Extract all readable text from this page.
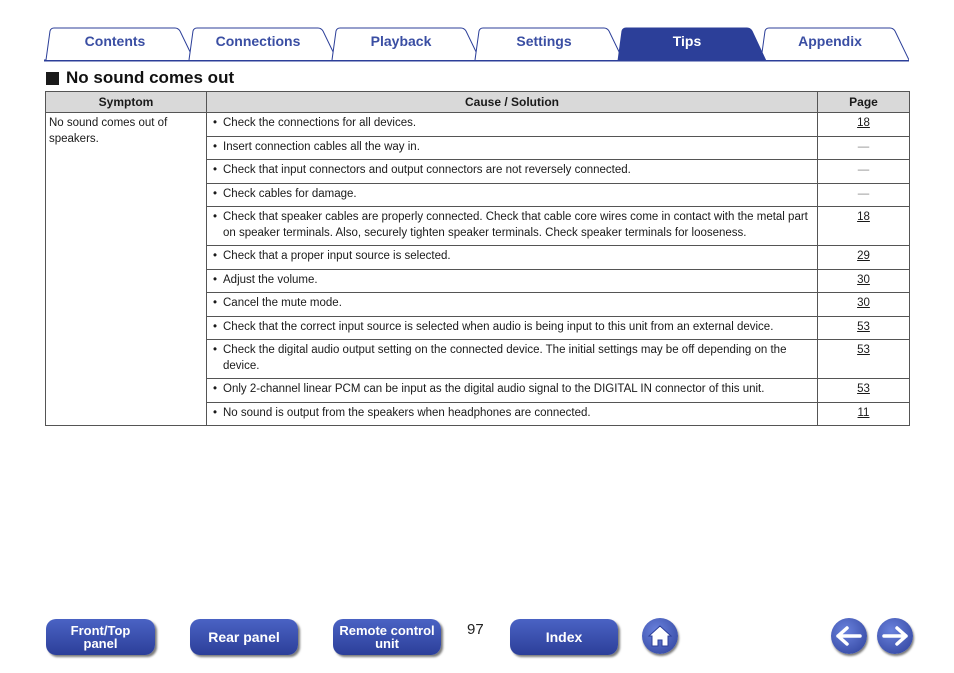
Contents	Connections	Playback	Settings	Tips	Appendix
No sound comes out
Symptom	Cause / Solution	Page
No sound comes out of speakers.	• Check the connections for all devices.	18

	• Insert connection cables all the way in.	—

	• Check that input connectors and output connectors are not reversely connected.	—

	• Check cables for damage.	—

	• Check that speaker cables are properly connected. Check that cable core wires come in contact with the metal part on speaker terminals. Also, securely tighten speaker terminals. Check speaker terminals for looseness.	18

	• Check that a proper input source is selected.	29

	• Adjust the volume.	30

	• Cancel the mute mode.	30

	• Check that the correct input source is selected when audio is being input to this unit from an external device.	53

	• Check the digital audio output setting on the connected device. The initial settings may be off depending on the device.	53

	• Only 2-channel linear PCM can be input as the digital audio signal to the DIGITAL IN connector of this unit.	53

	• No sound is output from the speakers when headphones are connected.	11
Front/Top
panel	Rear panel	Remote control
unit
97	Index
